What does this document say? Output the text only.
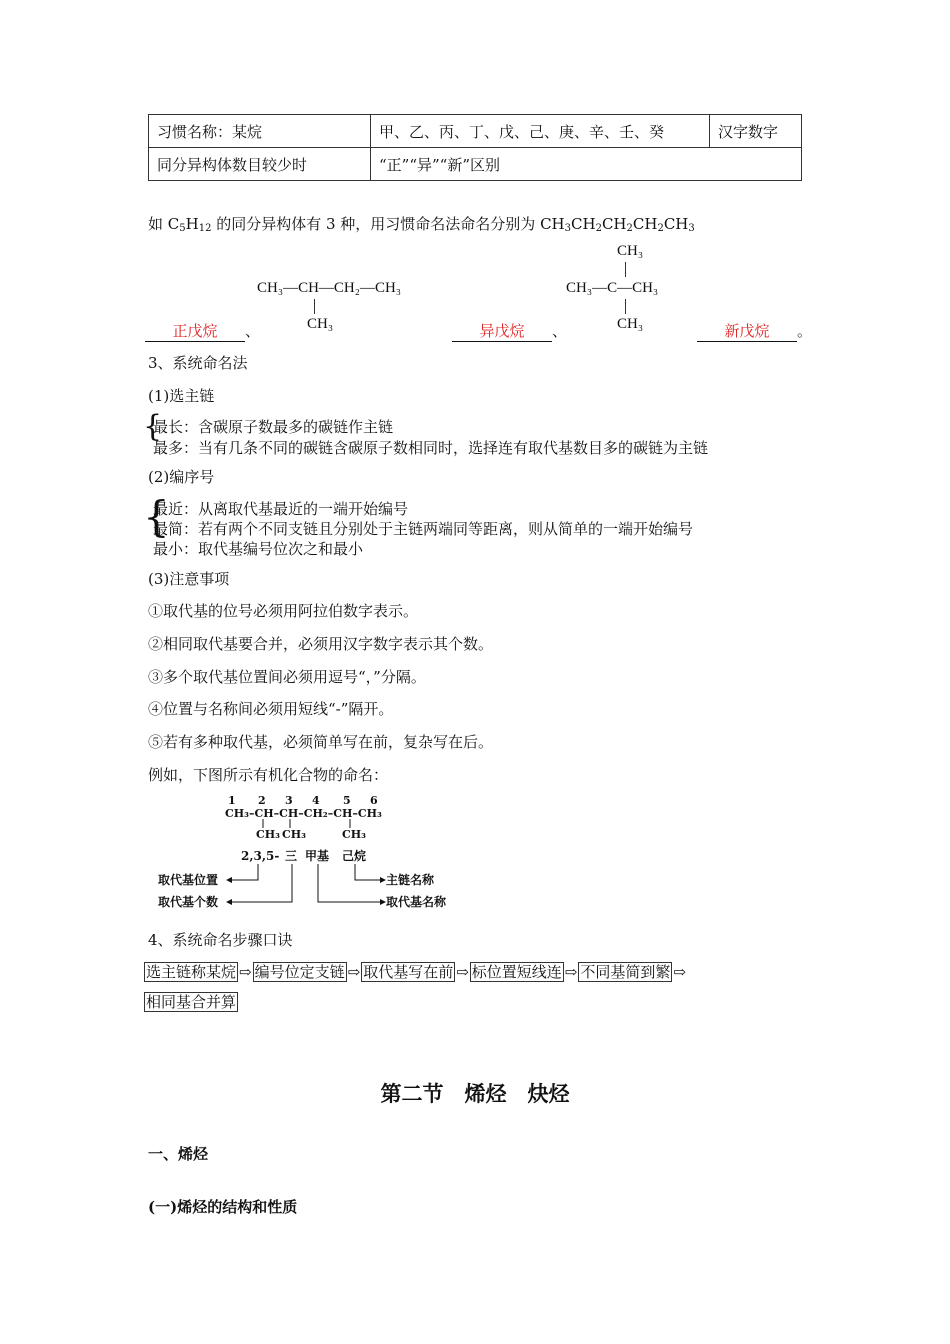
习惯名称：某烷	甲、乙、丙、丁、戊、己、庚、辛、壬、癸	汉字数字
同分异构体数目较少时	“正”“异”“新”区别	
如 $C_5H_{12}$ 的同分异构体有 3 种，用习惯命名法命名分别为 $CH_3CH_2CH_2CH_2CH_3$
CH₃—CH—CH₂—CH₃
CH₃
CH₃
CH₃—C—CH₃
CH₃
正戊烷 、	异戊烷 、	新戊烷 。
3、系统命名法
(1)选主链
{
最长：含碳原子数最多的碳链作主链
最多：当有几条不同的碳链含碳原子数相同时，选择连有取代基数目多的碳链为主链
(2)编序号
{
最近：从离取代基最近的一端开始编号
最简：若有两个不同支链且分别处于主链两端同等距离，则从简单的一端开始编号
最小：取代基编号位次之和最小
(3)注意事项
①取代基的位号必须用阿拉伯数字表示。
②相同取代基要合并，必须用汉字数字表示其个数。
③多个取代基位置间必须用逗号“，”分隔。
④位置与名称间必须用短线“-”隔开。
⑤若有多种取代基，必须简单写在前，复杂写在后。
例如，下图所示有机化合物的命名：
1 2 3 4 5 6
CH₃–CH–CH–CH₂–CH–CH₃
CH₃ CH₃	CH₃
2,3,5- 三 甲基 己烷
取代基位置
取代基个数
主链名称
取代基名称
4、系统命名步骤口诀
选主链称某烷 ⇨ 编号位定支链 ⇨ 取代基写在前 ⇨ 标位置短线连 ⇨ 不同基简到繁 ⇨
相同基合并算
第二节　烯烃　炔烃
一、烯烃
(一)烯烃的结构和性质
